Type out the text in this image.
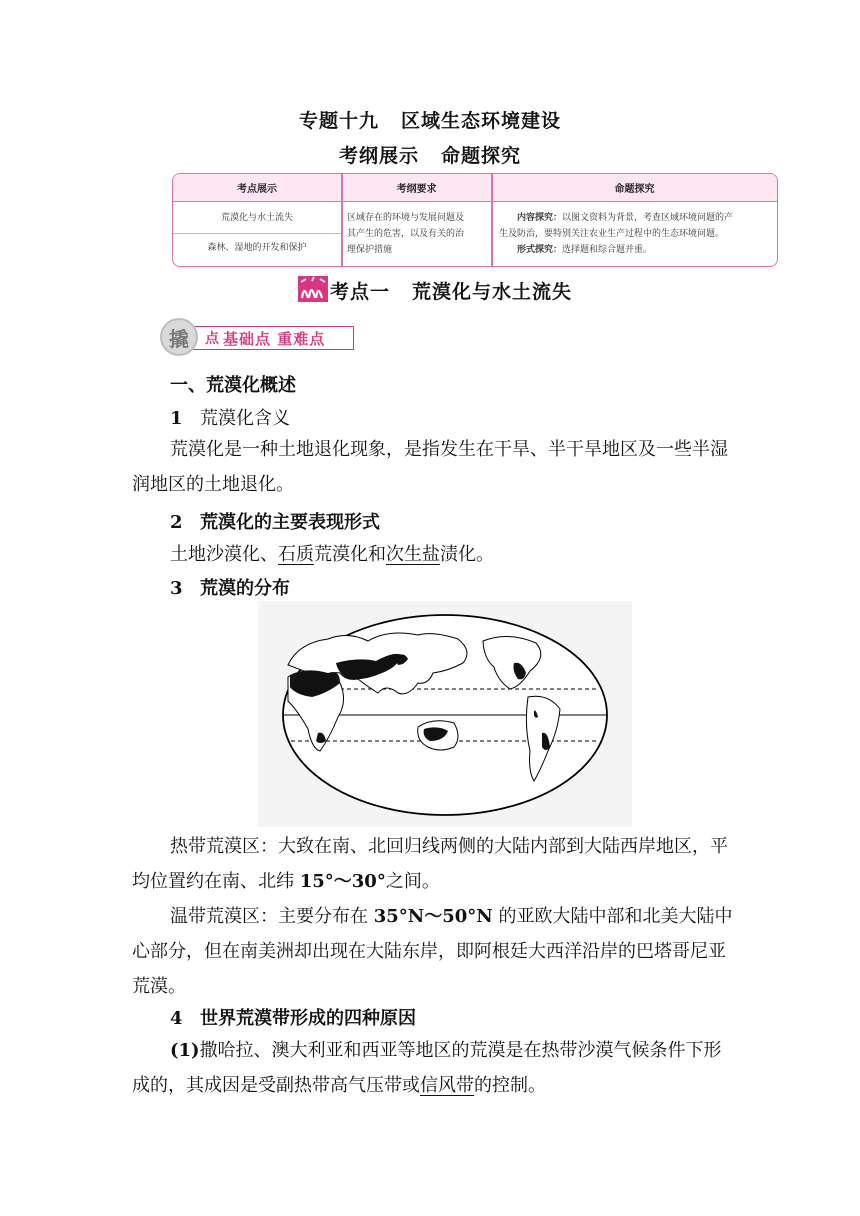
专题十九 区域生态环境建设
考纲展示 命题探究
考点展示	考纲要求	命题探究
荒漠化与水土流失
森林、湿地的开发和保护
区域存在的环境与发展问题及
其产生的危害，以及有关的治
理保护措施
内容探究：以图文资料为背景，考查区域环境问题的产
生及防治，要特别关注农业生产过程中的生态环境问题。
形式探究：选择题和综合题并重。
考点一 荒漠化与水土流失
点 基础点 重难点
撬
一、荒漠化概述
1 荒漠化含义
荒漠化是一种土地退化现象，是指发生在干旱、半干旱地区及一些半湿润地区的土地退化。
2 荒漠化的主要表现形式
土地沙漠化、石质荒漠化和次生盐渍化。
3 荒漠的分布
热带荒漠区：大致在南、北回归线两侧的大陆内部到大陆西岸地区，平均位置约在南、北纬 15°～30°之间。
温带荒漠区：主要分布在 35°N～50°N 的亚欧大陆中部和北美大陆中心部分，但在南美洲却出现在大陆东岸，即阿根廷大西洋沿岸的巴塔哥尼亚荒漠。
4 世界荒漠带形成的四种原因
(1)撒哈拉、澳大利亚和西亚等地区的荒漠是在热带沙漠气候条件下形成的，其成因是受副热带高气压带或信风带的控制。
